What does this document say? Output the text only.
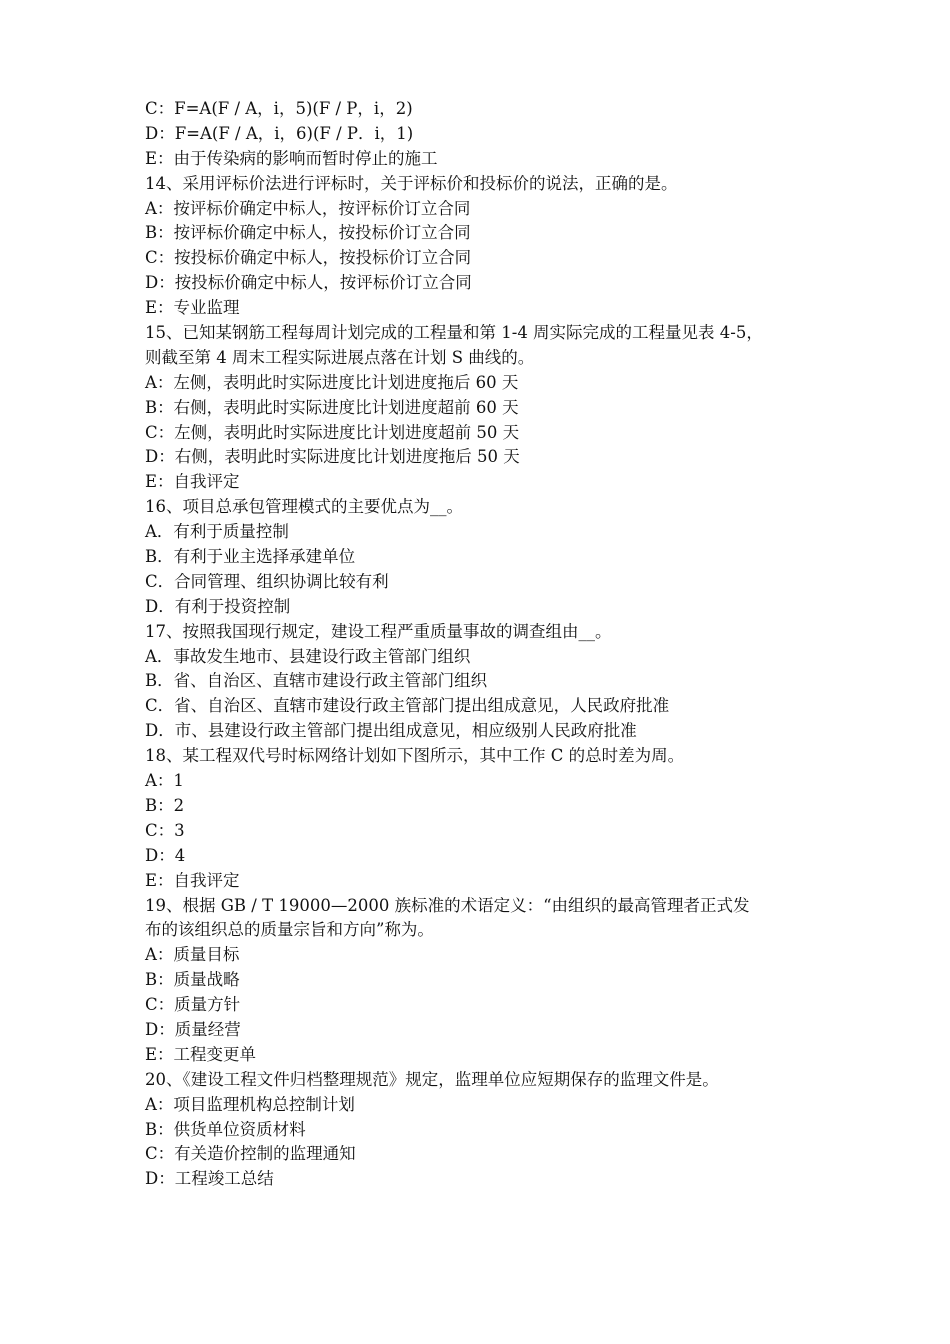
C：F=A(F / A，i，5)(F / P，i，2)
D：F=A(F / A，i，6)(F / P．i，1)
E：由于传染病的影响而暂时停止的施工
14、采用评标价法进行评标时，关于评标价和投标价的说法，正确的是。
A：按评标价确定中标人，按评标价订立合同
B：按评标价确定中标人，按投标价订立合同
C：按投标价确定中标人，按投标价订立合同
D：按投标价确定中标人，按评标价订立合同
E：专业监理
15、已知某钢筋工程每周计划完成的工程量和第 1-4 周实际完成的工程量见表 4-5，
则截至第 4 周末工程实际进展点落在计划 S 曲线的。
A：左侧，表明此时实际进度比计划进度拖后 60 天
B：右侧，表明此时实际进度比计划进度超前 60 天
C：左侧，表明此时实际进度比计划进度超前 50 天
D：右侧，表明此时实际进度比计划进度拖后 50 天
E：自我评定
16、项目总承包管理模式的主要优点为__。
A．有利于质量控制
B．有利于业主选择承建单位
C．合同管理、组织协调比较有利
D．有利于投资控制
17、按照我国现行规定，建设工程严重质量事故的调查组由__。
A．事故发生地市、县建设行政主管部门组织
B．省、自治区、直辖市建设行政主管部门组织
C．省、自治区、直辖市建设行政主管部门提出组成意见，人民政府批准
D．市、县建设行政主管部门提出组成意见，相应级别人民政府批准
18、某工程双代号时标网络计划如下图所示，其中工作 C 的总时差为周。
A：1
B：2
C：3
D：4
E：自我评定
19、根据 GB / T 19000—2000 族标准的术语定义：“由组织的最高管理者正式发
布的该组织总的质量宗旨和方向”称为。
A：质量目标
B：质量战略
C：质量方针
D：质量经营
E：工程变更单
20、《建设工程文件归档整理规范》规定，监理单位应短期保存的监理文件是。
A：项目监理机构总控制计划
B：供货单位资质材料
C：有关造价控制的监理通知
D：工程竣工总结
